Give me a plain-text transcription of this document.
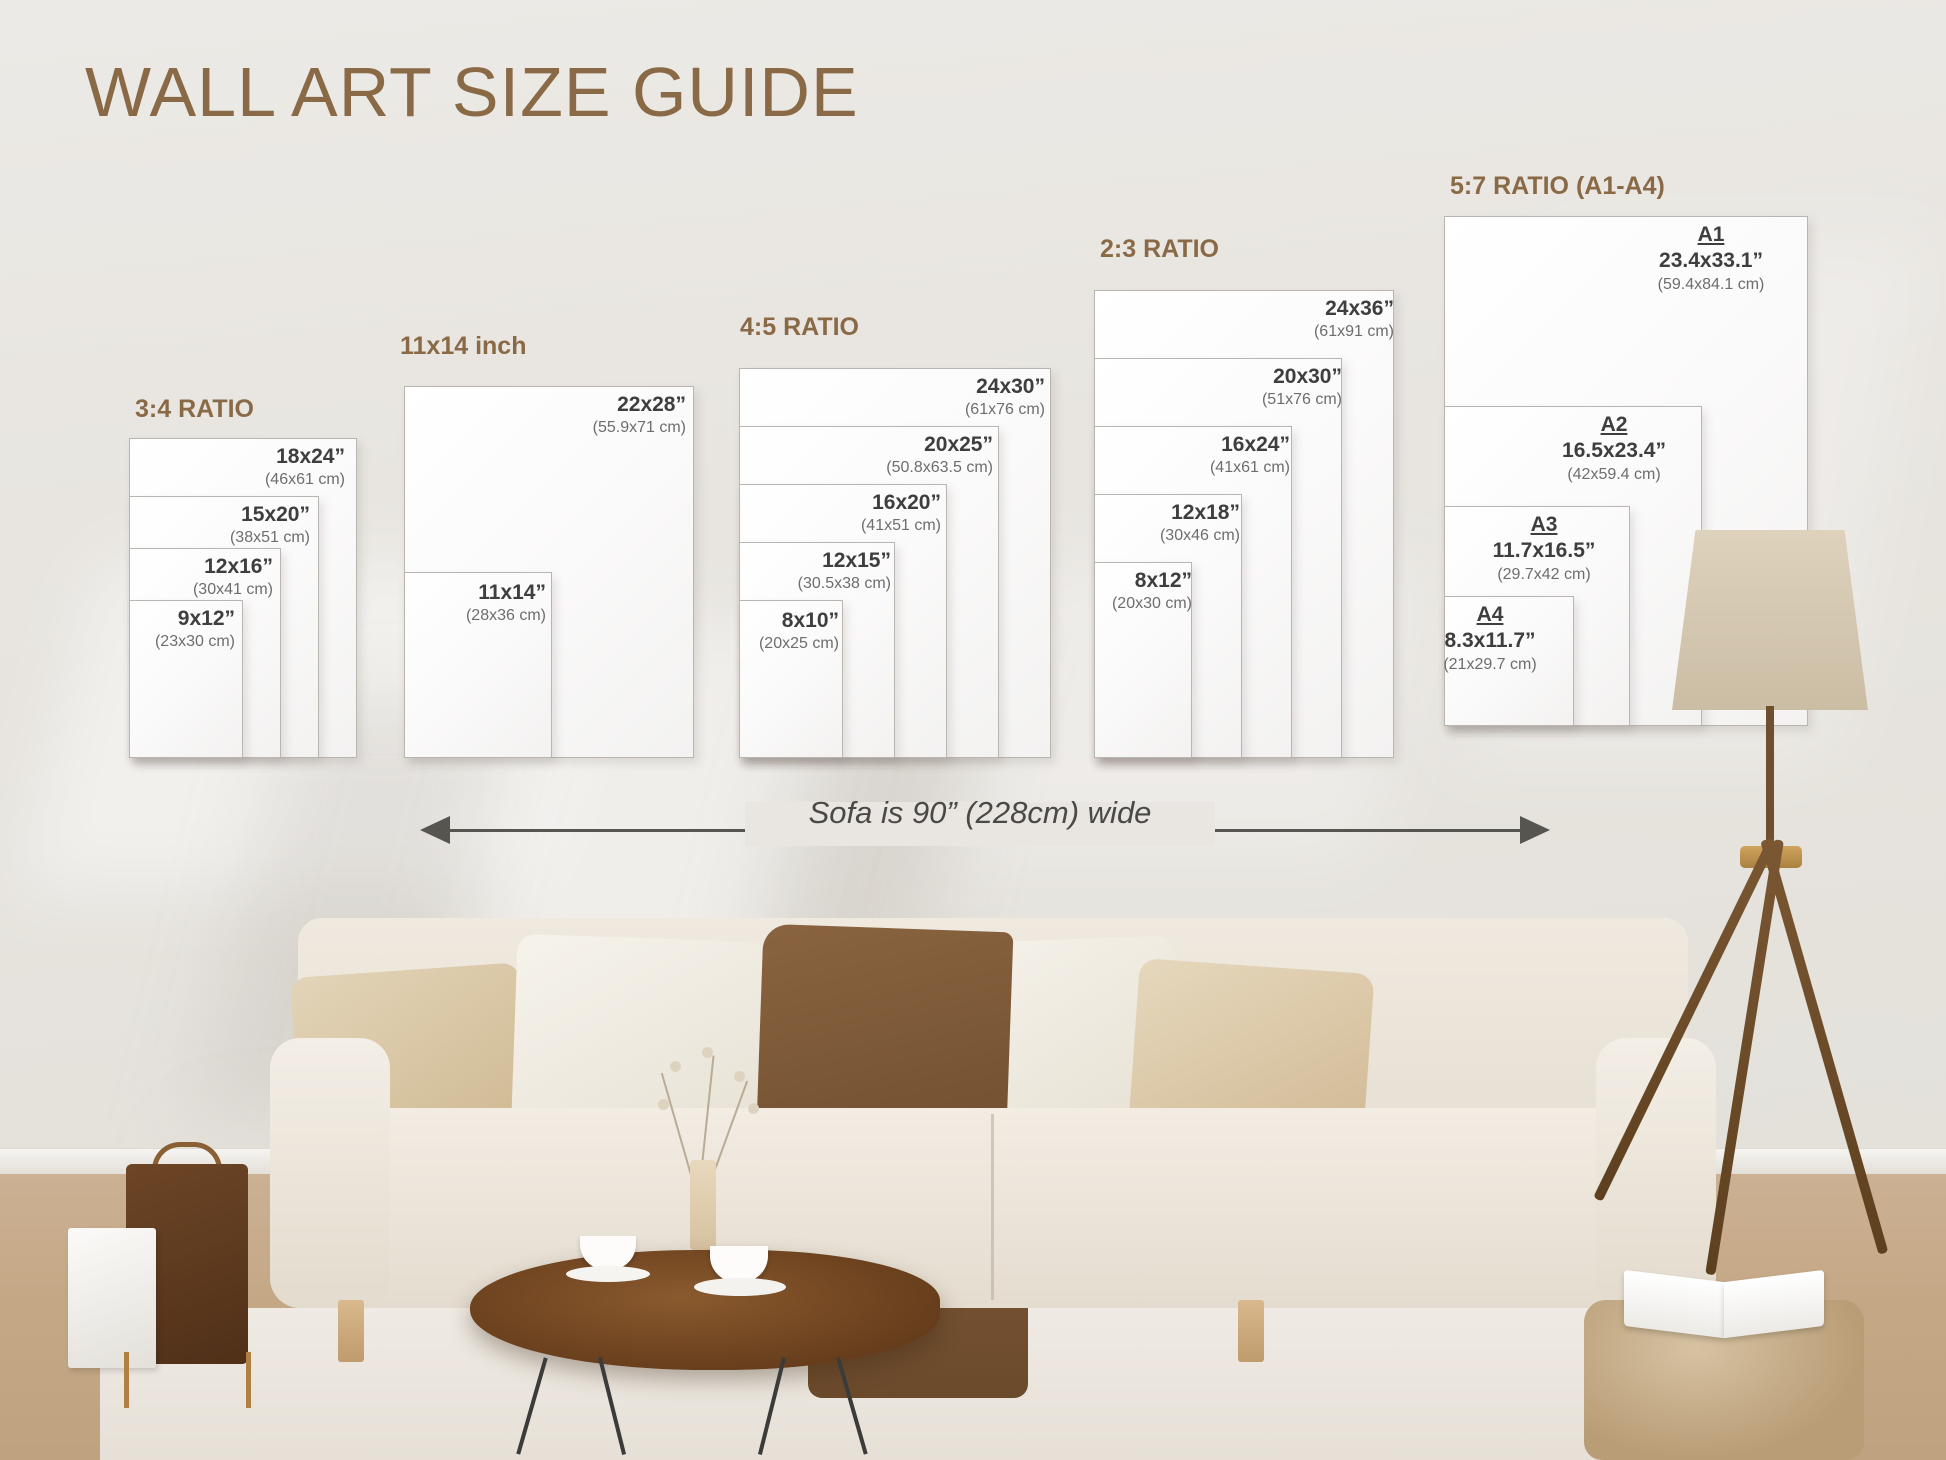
WALL ART SIZE GUIDE
3:4 RATIO
18x24”
(46x61 cm)
15x20”
(38x51 cm)
12x16”
(30x41 cm)
9x12”
(23x30 cm)
11x14 inch
22x28”
(55.9x71 cm)
11x14”
(28x36 cm)
4:5 RATIO
24x30”
(61x76 cm)
20x25”
(50.8x63.5 cm)
16x20”
(41x51 cm)
12x15”
(30.5x38 cm)
8x10”
(20x25 cm)
2:3 RATIO
24x36”
(61x91 cm)
20x30”
(51x76 cm)
16x24”
(41x61 cm)
12x18”
(30x46 cm)
8x12”
(20x30 cm)
5:7 RATIO (A1-A4)
A1
23.4x33.1”
(59.4x84.1 cm)
A2
16.5x23.4”
(42x59.4 cm)
A3
11.7x16.5”
(29.7x42 cm)
A4
8.3x11.7”
(21x29.7 cm)
Sofa is 90” (228cm) wide
